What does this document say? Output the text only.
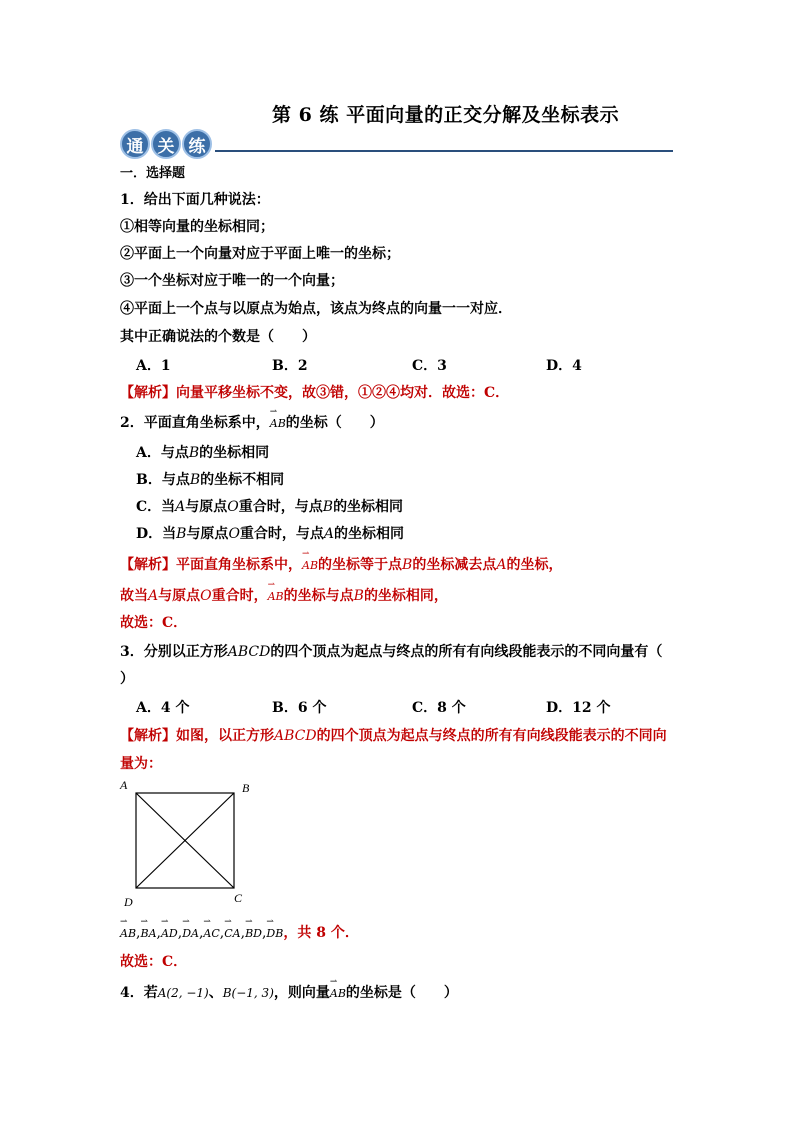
第 6 练 平面向量的正交分解及坐标表示
通 关 练
一．选择题
1．给出下面几种说法：
①相等向量的坐标相同；
②平面上一个向量对应于平面上唯一的坐标；
③一个坐标对应于唯一的一个向量；
④平面上一个点与以原点为始点，该点为终点的向量一一对应．
其中正确说法的个数是（　　）
A．1	B．2	C．3	D．4
【解析】向量平移坐标不变，故③错，①②④均对．故选：C．
2．平面直角坐标系中，⇀ AB的坐标（　　）
A．与点B的坐标相同
B．与点B的坐标不相同
C．当A与原点O重合时，与点B的坐标相同
D．当B与原点O重合时，与点A的坐标相同
【解析】平面直角坐标系中，⇀ AB的坐标等于点B的坐标减去点A的坐标，
故当A与原点O重合时，⇀ AB的坐标与点B的坐标相同，
故选：C．
3．分别以正方形ABCD的四个顶点为起点与终点的所有有向线段能表示的不同向量有（
）
A．4 个	B．6 个	C．8 个	D．12 个
【解析】如图，以正方形ABCD的四个顶点为起点与终点的所有有向线段能表示的不同向
量为：
A	B
C
D
⇀ AB,⇀ BA,⇀ AD,⇀ DA,⇀ AC,⇀ CA,⇀ BD,⇀ DB，共 8 个．
故选：C．
4．若A(2, −1)、B(−1, 3)，则向量⇀ AB的坐标是（　　）
